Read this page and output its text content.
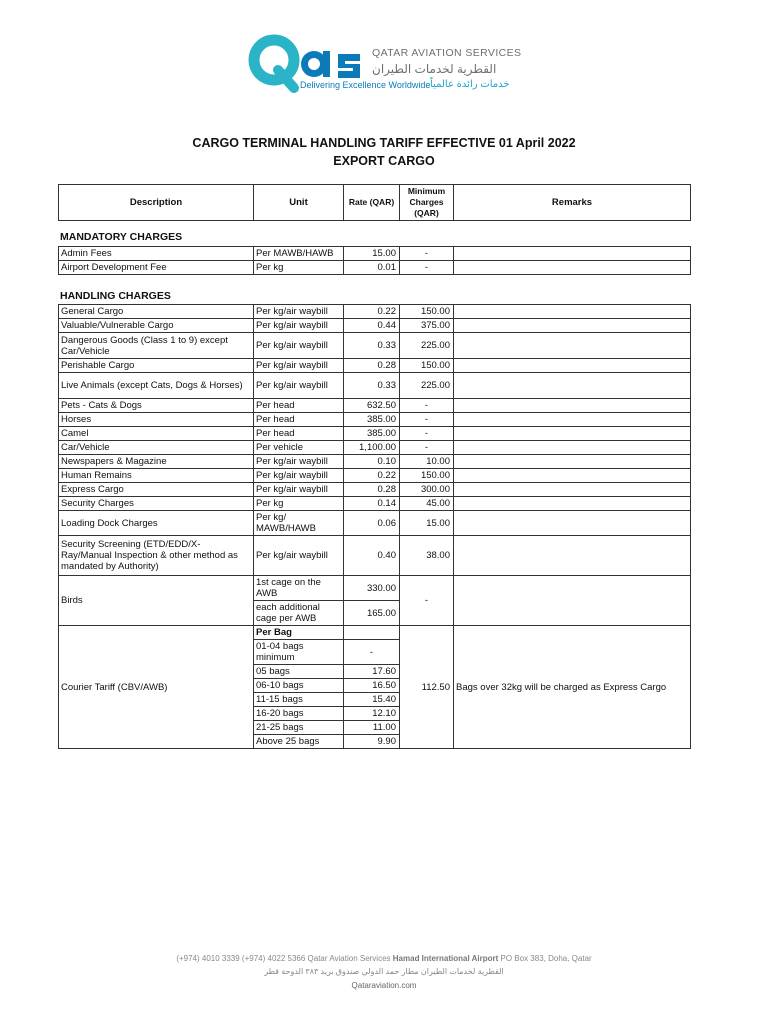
QATAR AVIATION SERVICES
القطرية لخدمات الطيران
Delivering Excellence Worldwide خدمات رائدة عالمياً
CARGO TERMINAL HANDLING TARIFF EFFECTIVE 01 April 2022
EXPORT CARGO
Description	Unit	Rate (QAR)	Minimum Charges (QAR)	Remarks
MANDATORY CHARGES
Admin Fees	Per MAWB/HAWB	15.00	-	
Airport Development Fee	Per kg	0.01	-	
HANDLING CHARGES
General Cargo	Per kg/air waybill	0.22	150.00	
Valuable/Vulnerable Cargo	Per kg/air waybill	0.44	375.00	
Dangerous Goods (Class 1 to 9) except Car/Vehicle	Per kg/air waybill	0.33	225.00	
Perishable Cargo	Per kg/air waybill	0.28	150.00	
Live Animals (except Cats, Dogs & Horses)	Per kg/air waybill	0.33	225.00	
Pets - Cats & Dogs	Per head	632.50	-	
Horses	Per head	385.00	-	
Camel	Per head	385.00	-	
Car/Vehicle	Per vehicle	1,100.00	-	
Newspapers & Magazine	Per kg/air waybill	0.10	10.00	
Human Remains	Per kg/air waybill	0.22	150.00	
Express Cargo	Per kg/air waybill	0.28	300.00	
Security Charges	Per kg	0.14	45.00	
Loading Dock Charges	Per kg/ MAWB/HAWB	0.06	15.00	
Security Screening (ETD/EDD/X-Ray/Manual Inspection & other method as mandated by Authority)	Per kg/air waybill	0.40	38.00	
Birds	1st cage on the AWB	330.00	-	
	each additional cage per AWB	165.00		
Courier Tariff (CBV/AWB)	Per Bag		112.50	Bags over 32kg will be charged as Express Cargo
	01-04 bags minimum	-		
	05 bags	17.60		
	06-10 bags	16.50		
	11-15 bags	15.40		
	16-20 bags	12.10		
	21-25 bags	11.00		
	Above 25 bags	9.90		
(+974) 4010 3339 (+974) 4022 5366 Qatar Aviation Services Hamad International Airport PO Box 383, Doha, Qatar
القطرية لخدمات الطيران مطار حمد الدولي صندوق بريد ٣٨٣ الدوحة قطر
Qataraviation.com
